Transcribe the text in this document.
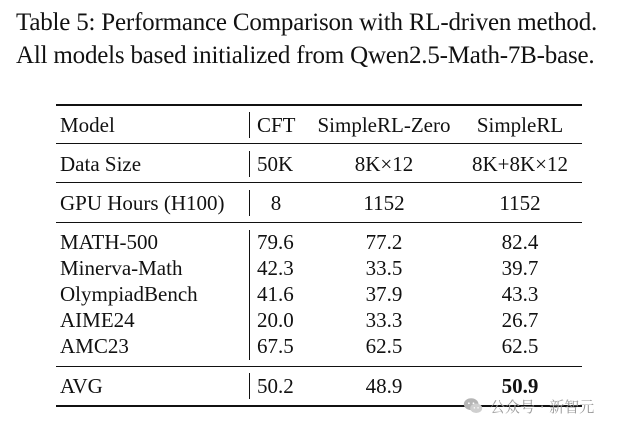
Table 5: Performance Comparison with RL-driven method.
All models based initialized from Qwen2.5-Math-7B-base.
Model	CFT	SimpleRL-Zero	SimpleRL
Data Size	50K	8K×12	8K+8K×12
GPU Hours (H100)	8	1152	1152
MATH-500	79.6	77.2	82.4
Minerva-Math	42.3	33.5	39.7
OlympiadBench	41.6	37.9	43.3
AIME24	20.0	33.3	26.7
AMC23	67.5	62.5	62.5
AVG	50.2	48.9	50.9
公众号 · 新智元
